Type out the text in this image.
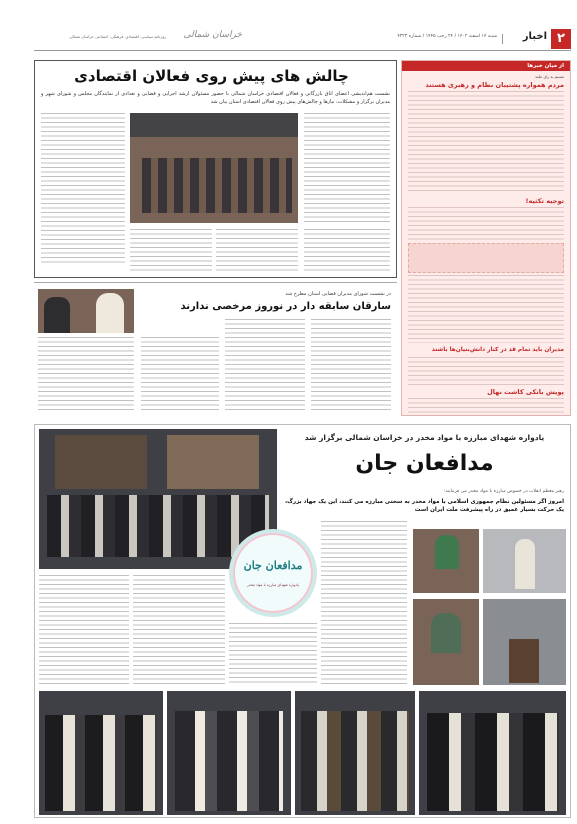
۲
اخبار
شنبه ۱۴ اسفند ۱۴۰۲ / ۲۴ رجب ۱۴۴۵ / شماره ۴۳۲۳
روزنامه سیاسی، اقتصادی، فرهنگی، اجتماعی خراسان شمالی	خراسان شمالی
چالش های پیش روی فعالان اقتصادی
نشست هم‌اندیشی اعضای اتاق بازرگانی و فعالان اقتصادی خراسان شمالی با حضور مسئولان ارشد اجرایی و قضایی و تعدادی از نمایندگان مجلس و شورای شهر و مدیران برگزار و مشکلات، نیازها و چالش‌های پیش روی فعالان اقتصادی استان بیان شد
در نشست شورای مدیران قضایی استان مطرح شد
سارقان سابقه دار در نوروز مرخصی ندارند
از میان خبرها
تسنیم به رای غلبه:
مردم همواره پشتیبان نظام و رهبری هستند
توجیه تکثیه!
مدیران باید تمام قد در کنار دانش‌بنیان‌ها باشند
پویش بانکی کاشت نهال
یادواره شهدای مبارزه با مواد مخدر در خراسان شمالی برگزار شد
مدافعان جان
رهبر معظم انقلاب در خصوص مبارزه با مواد مخدر می فرمایند:
امروز اگر مسئولین نظام جمهوری اسلامی با مواد مخدر به سختی مبارزه می کنند، این یک جهاد بزرگ، یک حرکت بسیار عمیق در راه پیشرفت ملت ایران است
مدافعان جان
یادواره شهدای مبارزه با مواد مخدر
